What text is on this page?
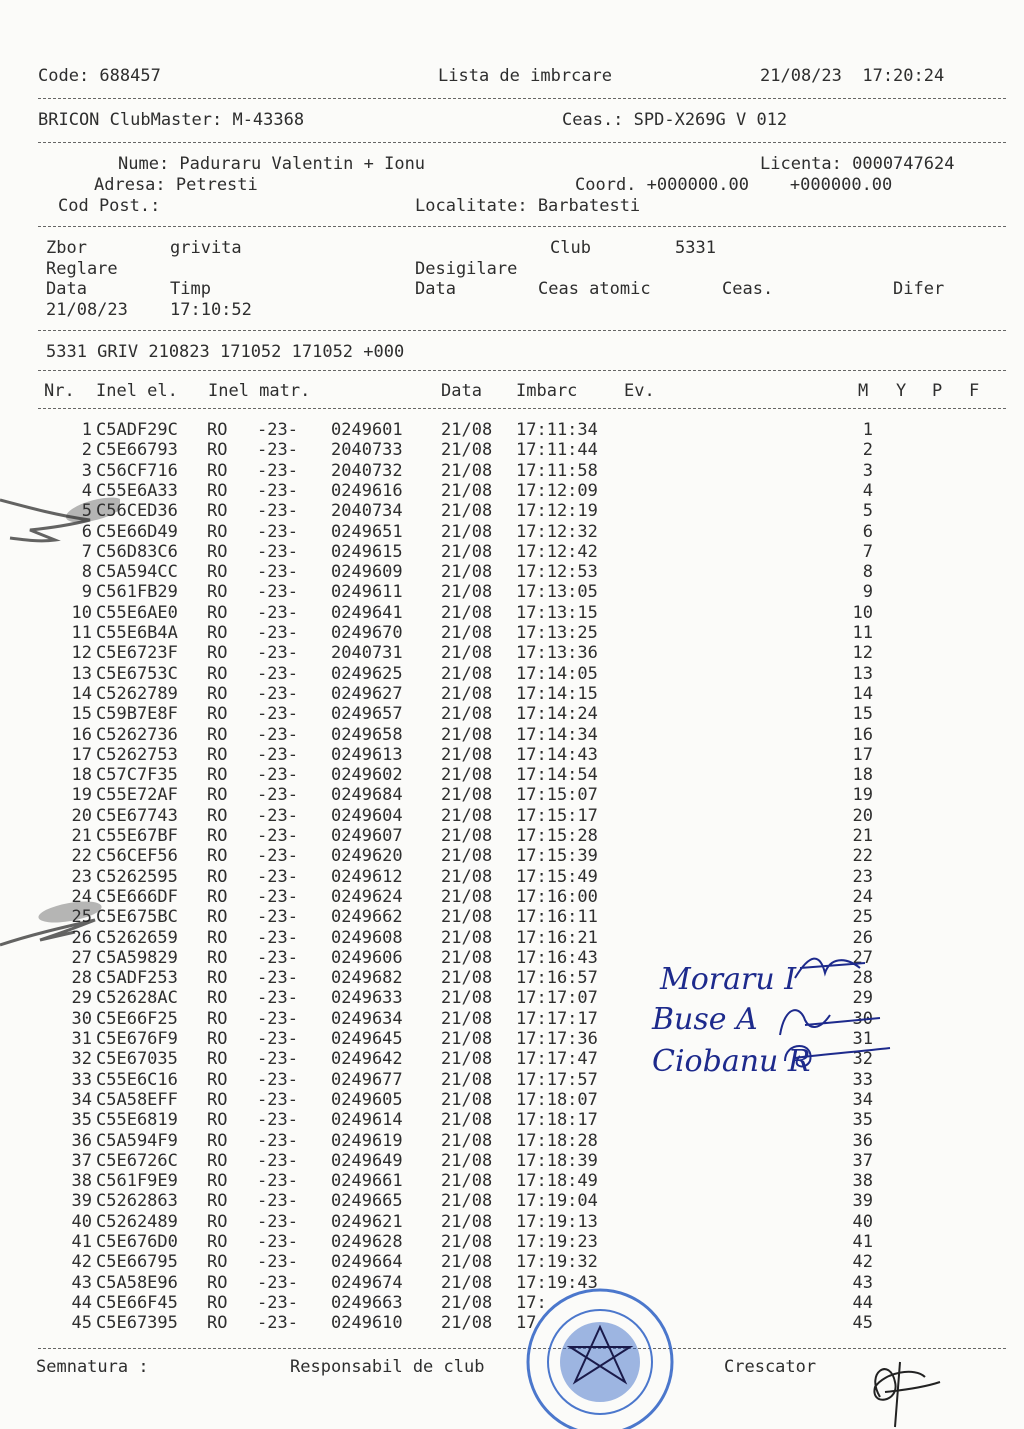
Code: 688457	Lista de imbrcare	21/08/23  17:20:24
BRICON ClubMaster: M-43368	Ceas.: SPD-X269G V 012
Nume: Paduraru Valentin + Ionu	Licenta: 0000747624
Adresa: Petresti	Coord. +000000.00    +000000.00
Cod Post.:	Localitate: Barbatesti
Zbor	grivita	Club	5331
Reglare	Desigilare
Data	Timp	Data	Ceas atomic	Ceas.	Difer
21/08/23 17:10:52
5331 GRIV 210823 171052 171052 +000
Nr. Inel el. Inel matr.	Data Imbarc	Ev.	M Y P F
1 C5ADF29C RO -23- 0249601 21/08 17:11:34	1
2 C5E66793 RO -23- 2040733 21/08 17:11:44	2
3 C56CF716 RO -23- 2040732 21/08 17:11:58	3
4 C55E6A33 RO -23- 0249616 21/08 17:12:09	4
5 C56CED36 RO -23- 2040734 21/08 17:12:19	5
6 C5E66D49 RO -23- 0249651 21/08 17:12:32	6
7 C56D83C6 RO -23- 0249615 21/08 17:12:42	7
8 C5A594CC RO -23- 0249609 21/08 17:12:53	8
9 C561FB29 RO -23- 0249611 21/08 17:13:05	9
10 C55E6AE0 RO -23- 0249641 21/08 17:13:15	10
11 C55E6B4A RO -23- 0249670 21/08 17:13:25	11
12 C5E6723F RO -23- 2040731 21/08 17:13:36	12
13 C5E6753C RO -23- 0249625 21/08 17:14:05	13
14 C5262789 RO -23- 0249627 21/08 17:14:15	14
15 C59B7E8F RO -23- 0249657 21/08 17:14:24	15
16 C5262736 RO -23- 0249658 21/08 17:14:34	16
17 C5262753 RO -23- 0249613 21/08 17:14:43	17
18 C57C7F35 RO -23- 0249602 21/08 17:14:54	18
19 C55E72AF RO -23- 0249684 21/08 17:15:07	19
20 C5E67743 RO -23- 0249604 21/08 17:15:17	20
21 C55E67BF RO -23- 0249607 21/08 17:15:28	21
22 C56CEF56 RO -23- 0249620 21/08 17:15:39	22
23 C5262595 RO -23- 0249612 21/08 17:15:49	23
24 C5E666DF RO -23- 0249624 21/08 17:16:00	24
25 C5E675BC RO -23- 0249662 21/08 17:16:11	25
26 C5262659 RO -23- 0249608 21/08 17:16:21	26
27 C5A59829 RO -23- 0249606 21/08 17:16:43	27
28 C5ADF253 RO -23- 0249682 21/08 17:16:57	28
29 C52628AC RO -23- 0249633 21/08 17:17:07	29
30 C5E66F25 RO -23- 0249634 21/08 17:17:17	30
31 C5E676F9 RO -23- 0249645 21/08 17:17:36	31
32 C5E67035 RO -23- 0249642 21/08 17:17:47	32
33 C55E6C16 RO -23- 0249677 21/08 17:17:57	33
34 C5A58EFF RO -23- 0249605 21/08 17:18:07	34
35 C55E6819 RO -23- 0249614 21/08 17:18:17	35
36 C5A594F9 RO -23- 0249619 21/08 17:18:28	36
37 C5E6726C RO -23- 0249649 21/08 17:18:39	37
38 C561F9E9 RO -23- 0249661 21/08 17:18:49	38
39 C5262863 RO -23- 0249665 21/08 17:19:04	39
40 C5262489 RO -23- 0249621 21/08 17:19:13	40
41 C5E676D0 RO -23- 0249628 21/08 17:19:23	41
42 C5E66795 RO -23- 0249664 21/08 17:19:32	42
43 C5A58E96 RO -23- 0249674 21/08 17:19:43	43
44 C5E66F45 RO -23- 0249663 21/08 17:	44
45 C5E67395 RO -23- 0249610 21/08 17	45
Moraru I
Buse A
Ciobanu R
Semnatura :	Responsabil de club	Crescator
